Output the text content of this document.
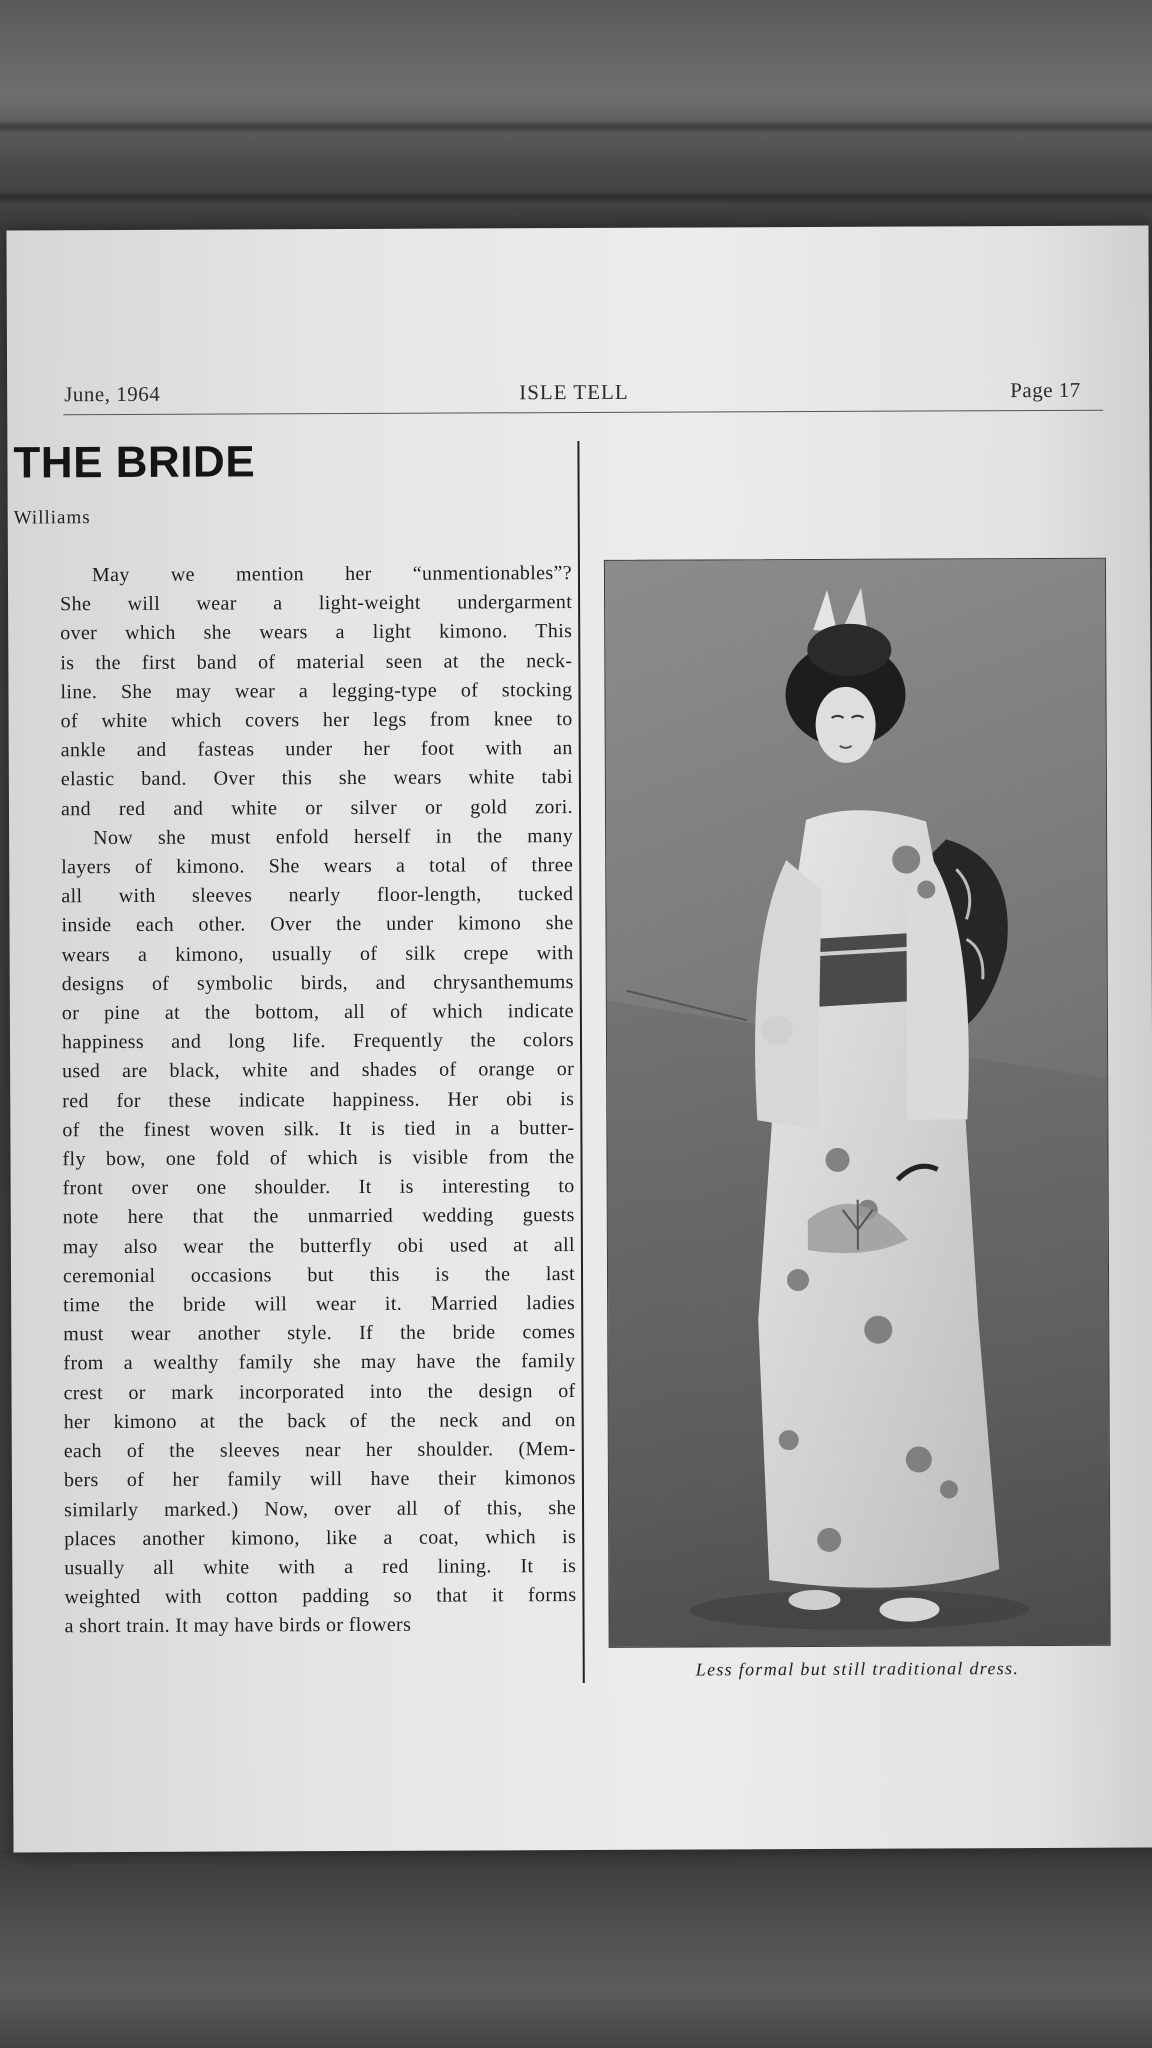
June, 1964	ISLE TELL	Page 17
​ THE BRIDE
Williams
May we mention her “unmentionables”?
She will wear a light-weight undergarment
over which she wears a light kimono. This
is the first band of material seen at the neck-
line. She may wear a legging-type of stocking
of white which covers her legs from knee to
ankle and fasteas under her foot with an
elastic band. Over this she wears white tabi
and red and white or silver or gold zori.
Now she must enfold herself in the many
layers of kimono. She wears a total of three
all with sleeves nearly floor-length, tucked
inside each other. Over the under kimono she
wears a kimono, usually of silk crepe with
designs of symbolic birds, and chrysanthemums
or pine at the bottom, all of which indicate
happiness and long life. Frequently the colors
used are black, white and shades of orange or
red for these indicate happiness. Her obi is
of the finest woven silk. It is tied in a butter-
fly bow, one fold of which is visible from the
front over one shoulder. It is interesting to
note here that the unmarried wedding guests
may also wear the butterfly obi used at all
ceremonial occasions but this is the last
time the bride will wear it. Married ladies
must wear another style. If the bride comes
from a wealthy family she may have the family
crest or mark incorporated into the design of
her kimono at the back of the neck and on
each of the sleeves near her shoulder. (Mem-
bers of her family will have their kimonos
similarly marked.) Now, over all of this, she
places another kimono, like a coat, which is
usually all white with a red lining. It is
weighted with cotton padding so that it forms
a short train. It may have birds or flowers
Less formal but still traditional dress.
